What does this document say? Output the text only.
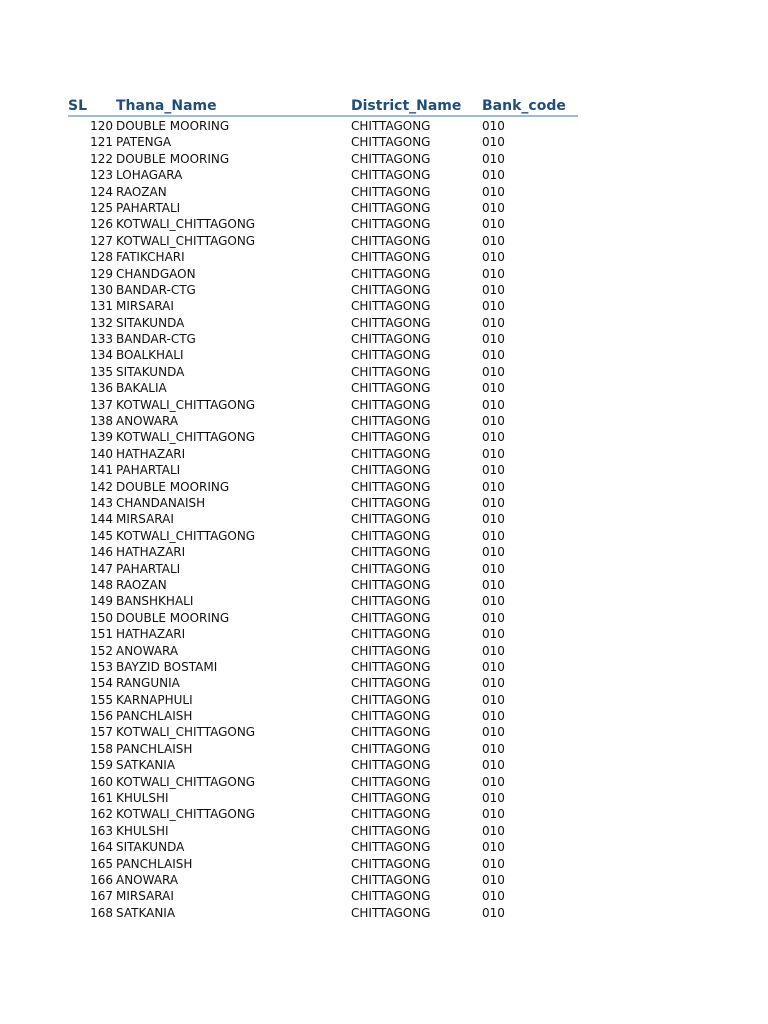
SL Thana_Name	District_Name Bank_code
120 DOUBLE MOORING	CHITTAGONG	010
121 PATENGA	CHITTAGONG	010
122 DOUBLE MOORING	CHITTAGONG	010
123 LOHAGARA	CHITTAGONG	010
124 RAOZAN	CHITTAGONG	010
125 PAHARTALI	CHITTAGONG	010
126 KOTWALI_CHITTAGONG	CHITTAGONG	010
127 KOTWALI_CHITTAGONG	CHITTAGONG	010
128 FATIKCHARI	CHITTAGONG	010
129 CHANDGAON	CHITTAGONG	010
130 BANDAR-CTG	CHITTAGONG	010
131 MIRSARAI	CHITTAGONG	010
132 SITAKUNDA	CHITTAGONG	010
133 BANDAR-CTG	CHITTAGONG	010
134 BOALKHALI	CHITTAGONG	010
135 SITAKUNDA	CHITTAGONG	010
136 BAKALIA	CHITTAGONG	010
137 KOTWALI_CHITTAGONG	CHITTAGONG	010
138 ANOWARA	CHITTAGONG	010
139 KOTWALI_CHITTAGONG	CHITTAGONG	010
140 HATHAZARI	CHITTAGONG	010
141 PAHARTALI	CHITTAGONG	010
142 DOUBLE MOORING	CHITTAGONG	010
143 CHANDANAISH	CHITTAGONG	010
144 MIRSARAI	CHITTAGONG	010
145 KOTWALI_CHITTAGONG	CHITTAGONG	010
146 HATHAZARI	CHITTAGONG	010
147 PAHARTALI	CHITTAGONG	010
148 RAOZAN	CHITTAGONG	010
149 BANSHKHALI	CHITTAGONG	010
150 DOUBLE MOORING	CHITTAGONG	010
151 HATHAZARI	CHITTAGONG	010
152 ANOWARA	CHITTAGONG	010
153 BAYZID BOSTAMI	CHITTAGONG	010
154 RANGUNIA	CHITTAGONG	010
155 KARNAPHULI	CHITTAGONG	010
156 PANCHLAISH	CHITTAGONG	010
157 KOTWALI_CHITTAGONG	CHITTAGONG	010
158 PANCHLAISH	CHITTAGONG	010
159 SATKANIA	CHITTAGONG	010
160 KOTWALI_CHITTAGONG	CHITTAGONG	010
161 KHULSHI	CHITTAGONG	010
162 KOTWALI_CHITTAGONG	CHITTAGONG	010
163 KHULSHI	CHITTAGONG	010
164 SITAKUNDA	CHITTAGONG	010
165 PANCHLAISH	CHITTAGONG	010
166 ANOWARA	CHITTAGONG	010
167 MIRSARAI	CHITTAGONG	010
168 SATKANIA	CHITTAGONG	010
